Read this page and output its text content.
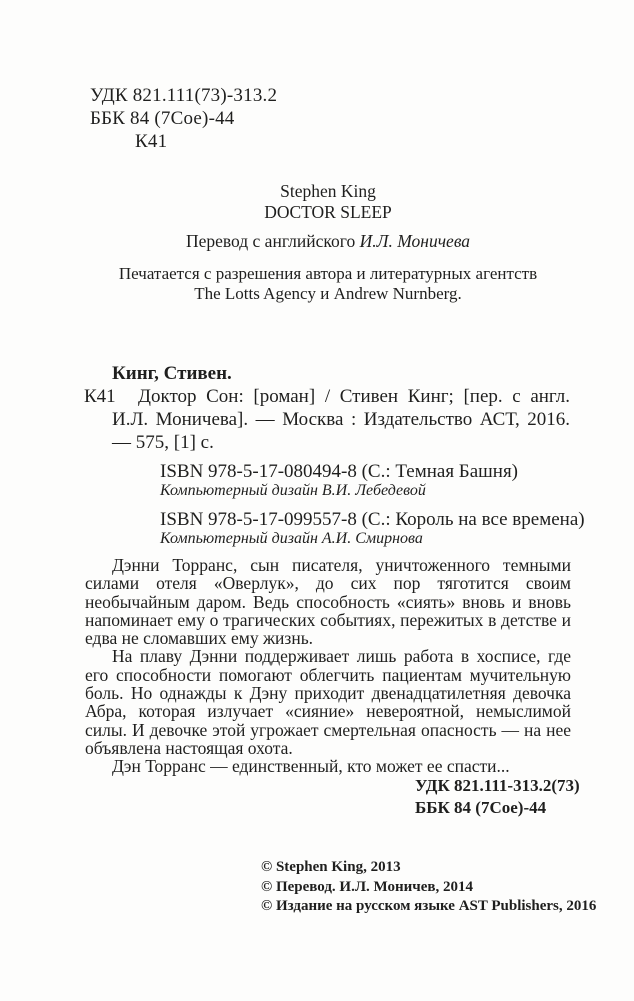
УДК 821.111(73)-313.2
ББК 84 (7Сое)-44
К41
Stephen King
DOCTOR SLEEP
Перевод с английского И.Л. Моничева
Печатается с разрешения автора и литературных агентств
The Lotts Agency и Andrew Nurnberg.
Кинг, Стивен.

К41 Доктор Сон: [роман] / Стивен Кинг; [пер. с англ. И.Л. Моничева]. — Москва : Издательство АСТ, 2016. — 575, [1] с.

ISBN 978-5-17-080494-8 (С.: Темная Башня)
Компьютерный дизайн В.И. Лебедевой
ISBN 978-5-17-099557-8 (С.: Король на все времена)
Компьютерный дизайн А.И. Смирнова

Дэнни Торранс, сын писателя, уничтоженного темными силами отеля «Оверлук», до сих пор тяготится своим необычайным даром. Ведь способность «сиять» вновь и вновь напоминает ему о трагических событиях, пережитых в детстве и едва не сломавших ему жизнь.

На плаву Дэнни поддерживает лишь работа в хосписе, где его способности помогают облегчить пациентам мучительную боль. Но однажды к Дэну приходит двенадцатилетняя девочка Абра, которая излучает «сияние» невероятной, немыслимой силы. И девочке этой угрожает смертельная опасность — на нее объявлена настоящая охота.

Дэн Торранс — единственный, кто может ее спасти...

УДК 821.111-313.2(73)
ББК 84 (7Сое)-44
© Stephen King, 2013
© Перевод. И.Л. Моничев, 2014
© Издание на русском языке AST Publishers, 2016
